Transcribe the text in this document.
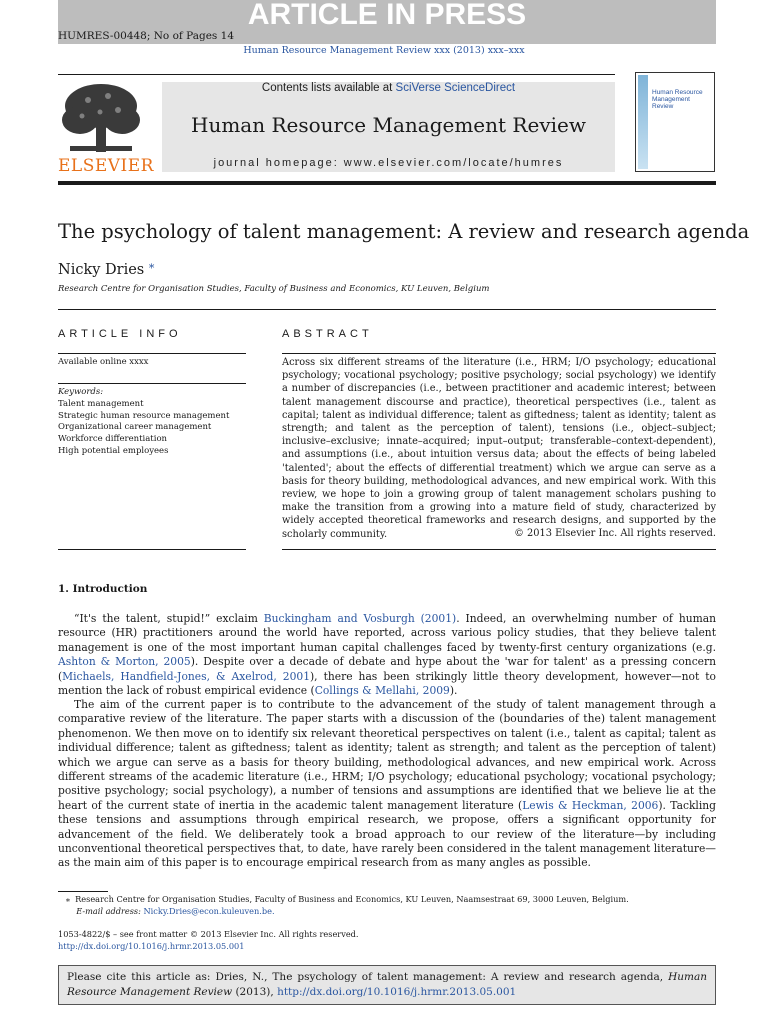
ARTICLE IN PRESS
HUMRES-00448; No of Pages 14
Human Resource Management Review xxx (2013) xxx–xxx
ELSEVIER
Contents lists available at SciVerse ScienceDirect
Human Resource Management Review
journal homepage: www.elsevier.com/locate/humres
Human Resource Management Review
The psychology of talent management: A review and research agenda
Nicky Dries ⁎
Research Centre for Organisation Studies, Faculty of Business and Economics, KU Leuven, Belgium
ARTICLE INFO	ABSTRACT
Available online xxxx
Keywords:
Talent management
Strategic human resource management
Organizational career management
Workforce differentiation
High potential employees
Across six different streams of the literature (i.e., HRM; I/O psychology; educational psychology; vocational psychology; positive psychology; social psychology) we identify a number of discrepancies (i.e., between practitioner and academic interest; between talent management discourse and practice), theoretical perspectives (i.e., talent as capital; talent as individual difference; talent as giftedness; talent as identity; talent as strength; and talent as the perception of talent), tensions (i.e., object–subject; inclusive–exclusive; innate–acquired; input–output; transferable–context-dependent), and assumptions (i.e., about intuition versus data; about the effects of being labeled 'talented'; about the effects of differential treatment) which we argue can serve as a basis for theory building, methodological advances, and new empirical work. With this review, we hope to join a growing group of talent management scholars pushing to make the transition from a growing into a mature field of study, characterized by widely accepted theoretical frameworks and research designs, and supported by the scholarly community.	© 2013 Elsevier Inc. All rights reserved.
1. Introduction
“It's the talent, stupid!” exclaim Buckingham and Vosburgh (2001). Indeed, an overwhelming number of human resource (HR) practitioners around the world have reported, across various policy studies, that they believe talent management is one of the most important human capital challenges faced by twenty-first century organizations (e.g. Ashton & Morton, 2005). Despite over a decade of debate and hype about the 'war for talent' as a pressing concern (Michaels, Handfield-Jones, & Axelrod, 2001), there has been strikingly little theory development, however—not to mention the lack of robust empirical evidence (Collings & Mellahi, 2009).
The aim of the current paper is to contribute to the advancement of the study of talent management through a comparative review of the literature. The paper starts with a discussion of the (boundaries of the) talent management phenomenon. We then move on to identify six relevant theoretical perspectives on talent (i.e., talent as capital; talent as individual difference; talent as giftedness; talent as identity; talent as strength; and talent as the perception of talent) which we argue can serve as a basis for theory building, methodological advances, and new empirical work. Across different streams of the academic literature (i.e., HRM; I/O psychology; educational psychology; vocational psychology; positive psychology; social psychology), a number of tensions and assumptions are identified that we believe lie at the heart of the current state of inertia in the academic talent management literature (Lewis & Heckman, 2006). Tackling these tensions and assumptions through empirical research, we propose, offers a significant opportunity for advancement of the field. We deliberately took a broad approach to our review of the literature—by including unconventional theoretical perspectives that, to date, have rarely been considered in the talent management literature—as the main aim of this paper is to encourage empirical research from as many angles as possible.
⁎ Research Centre for Organisation Studies, Faculty of Business and Economics, KU Leuven, Naamsestraat 69, 3000 Leuven, Belgium.
E-mail address: Nicky.Dries@econ.kuleuven.be.
1053-4822/$ – see front matter © 2013 Elsevier Inc. All rights reserved.
http://dx.doi.org/10.1016/j.hrmr.2013.05.001
Please cite this article as: Dries, N., The psychology of talent management: A review and research agenda, Human Resource Management Review (2013), http://dx.doi.org/10.1016/j.hrmr.2013.05.001
